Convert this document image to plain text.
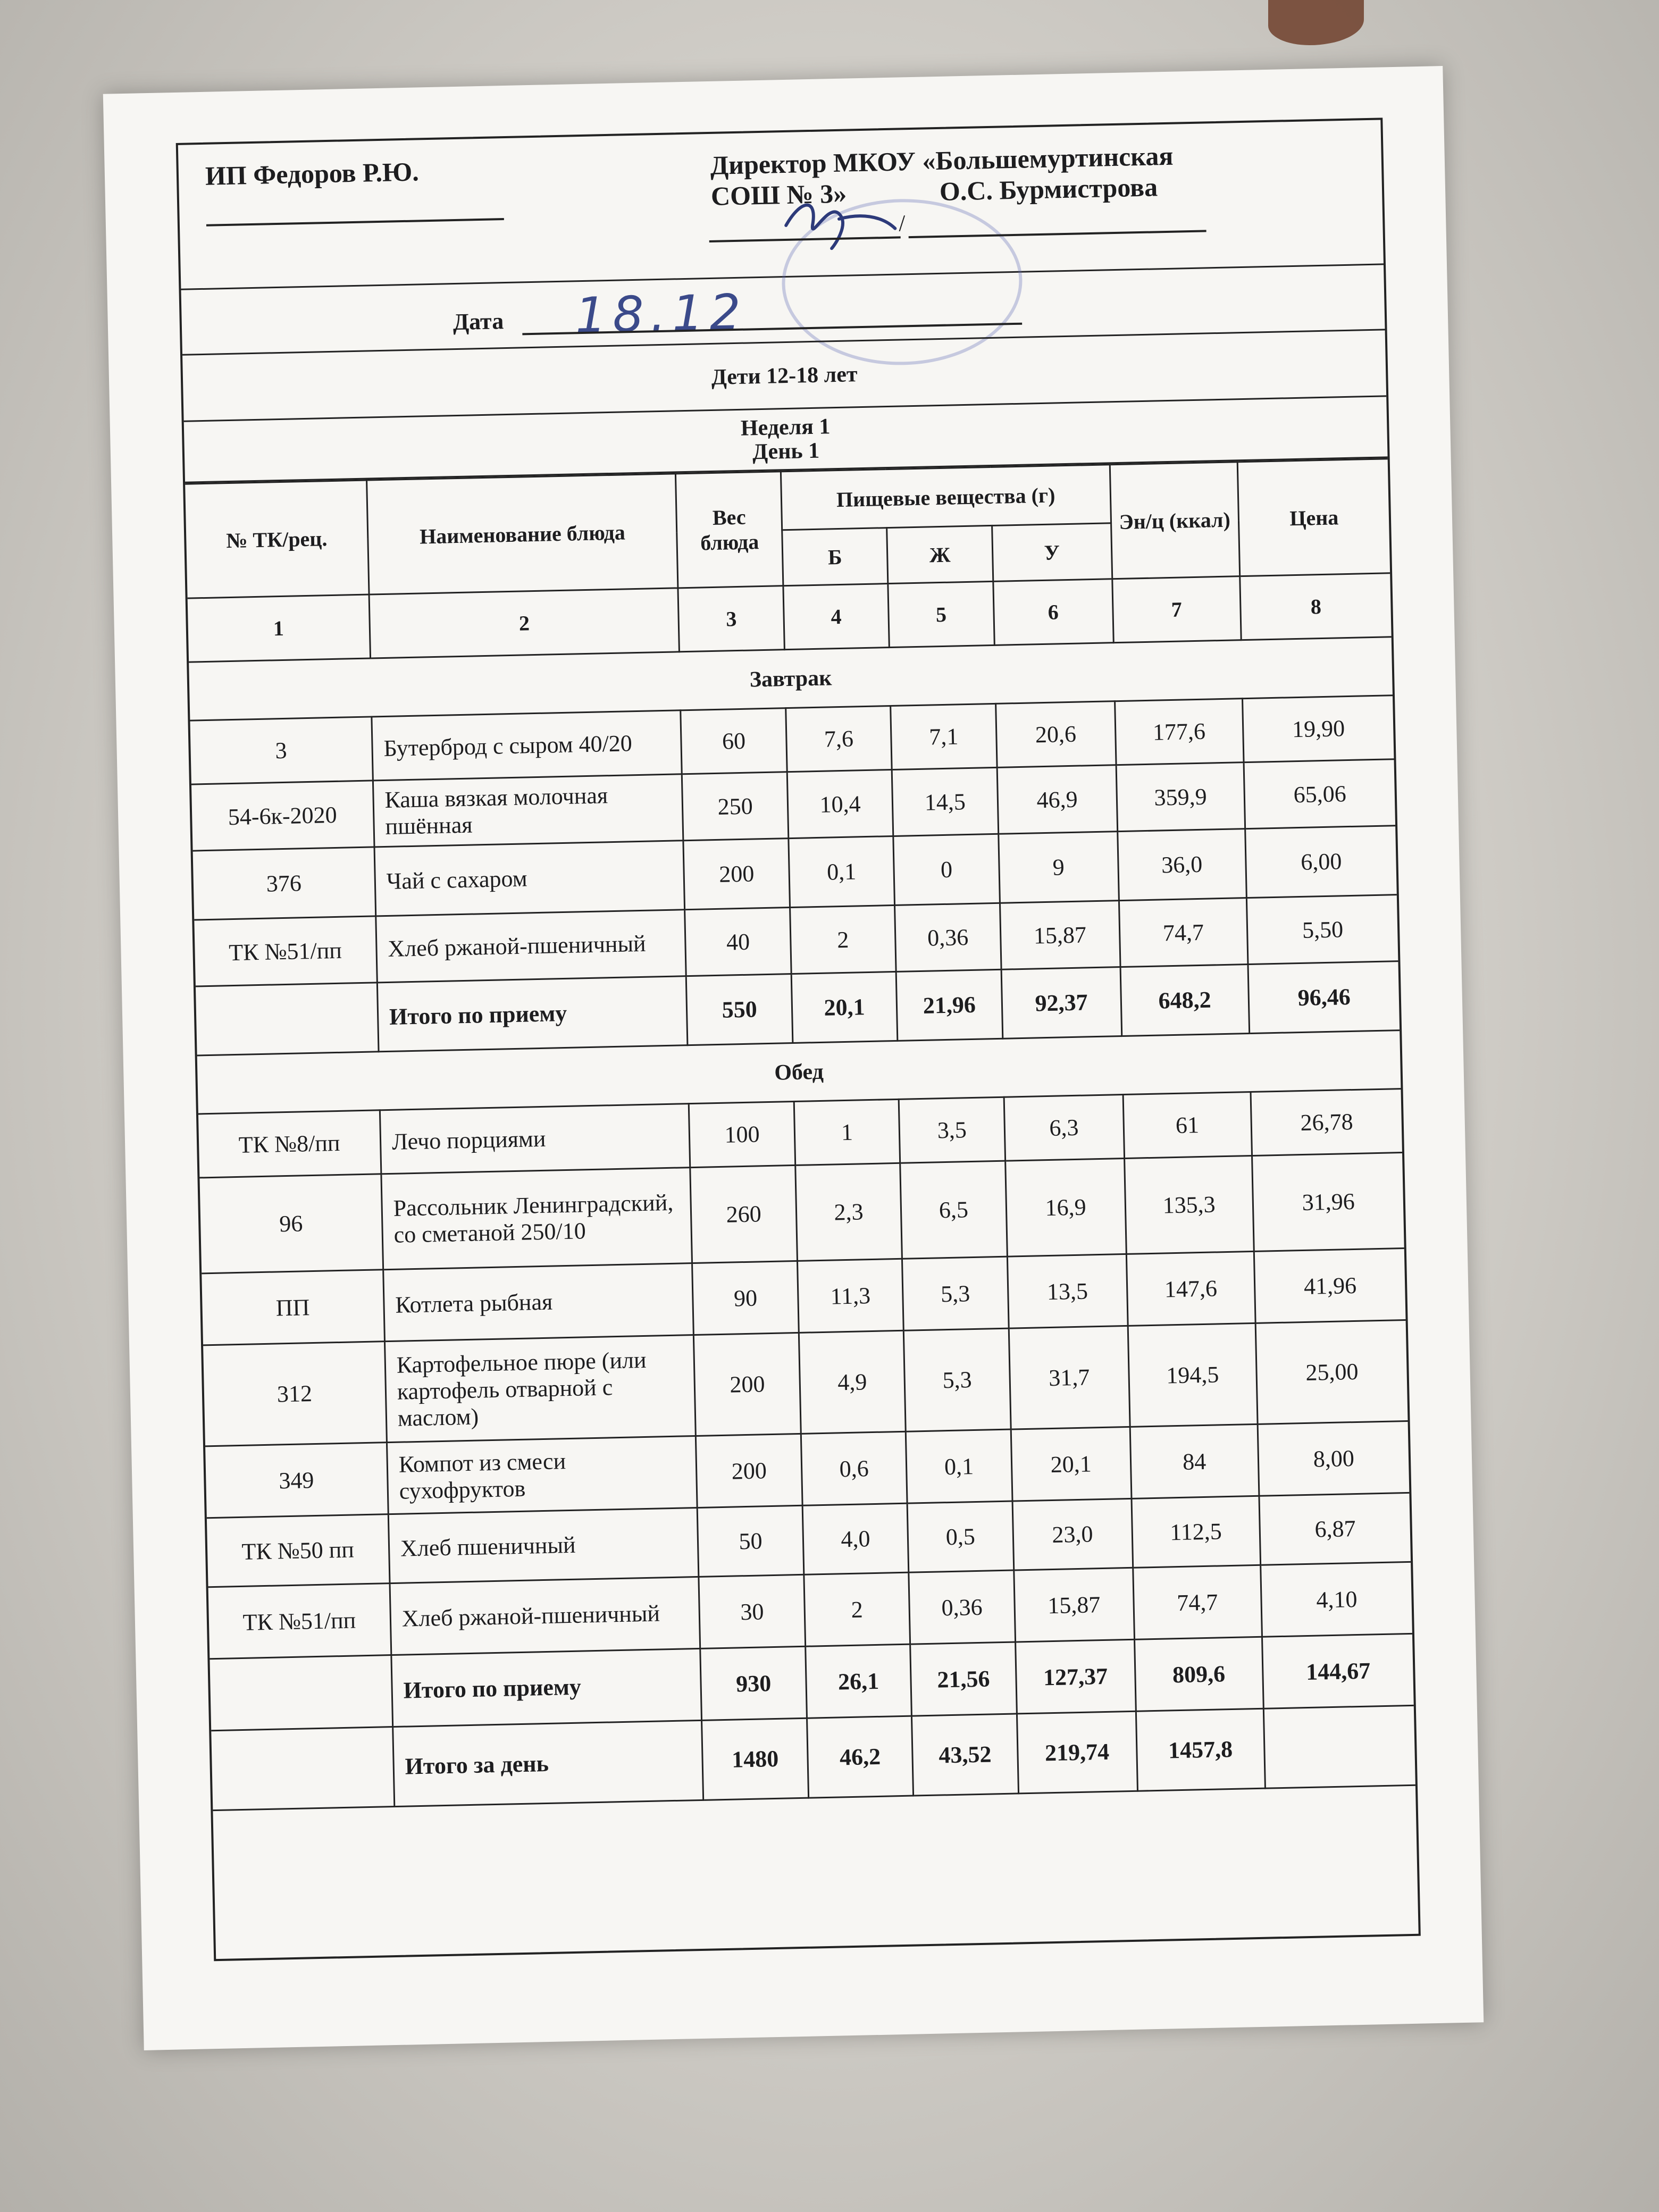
ИП Федоров Р.Ю.	Директор МКОУ «Большемуртинская
СОШ № 3»	О.С. Бурмистрова
/
Дата 18.12
Дети 12-18 лет
Неделя 1
День 1
№ ТК/рец.	Наименование блюда	Вес блюда	Пищевые вещества (г)			Эн/ц (ккал)	Цена
			Б	Ж	У		
1	2	3	4	5	6	7	8
Завтрак							
3	Бутерброд с сыром 40/20	60	7,6	7,1	20,6	177,6	19,90
54-6к-2020	Каша вязкая молочная пшённая	250	10,4	14,5	46,9	359,9	65,06
376	Чай с сахаром	200	0,1	0	9	36,0	6,00
ТК №51/пп	Хлеб ржаной-пшеничный	40	2	0,36	15,87	74,7	5,50
	Итого по приему	550	20,1	21,96	92,37	648,2	96,46
Обед							
ТК №8/пп	Лечо порциями	100	1	3,5	6,3	61	26,78
96	Рассольник Ленинградский, со сметаной 250/10	260	2,3	6,5	16,9	135,3	31,96
ПП	Котлета рыбная	90	11,3	5,3	13,5	147,6	41,96
312	Картофельное пюре (или картофель отварной с маслом)	200	4,9	5,3	31,7	194,5	25,00
349	Компот из смеси сухофруктов	200	0,6	0,1	20,1	84	8,00
ТК №50 пп	Хлеб пшеничный	50	4,0	0,5	23,0	112,5	6,87
ТК №51/пп	Хлеб ржаной-пшеничный	30	2	0,36	15,87	74,7	4,10
	Итого по приему	930	26,1	21,56	127,37	809,6	144,67
	Итого за день	1480	46,2	43,52	219,74	1457,8	
